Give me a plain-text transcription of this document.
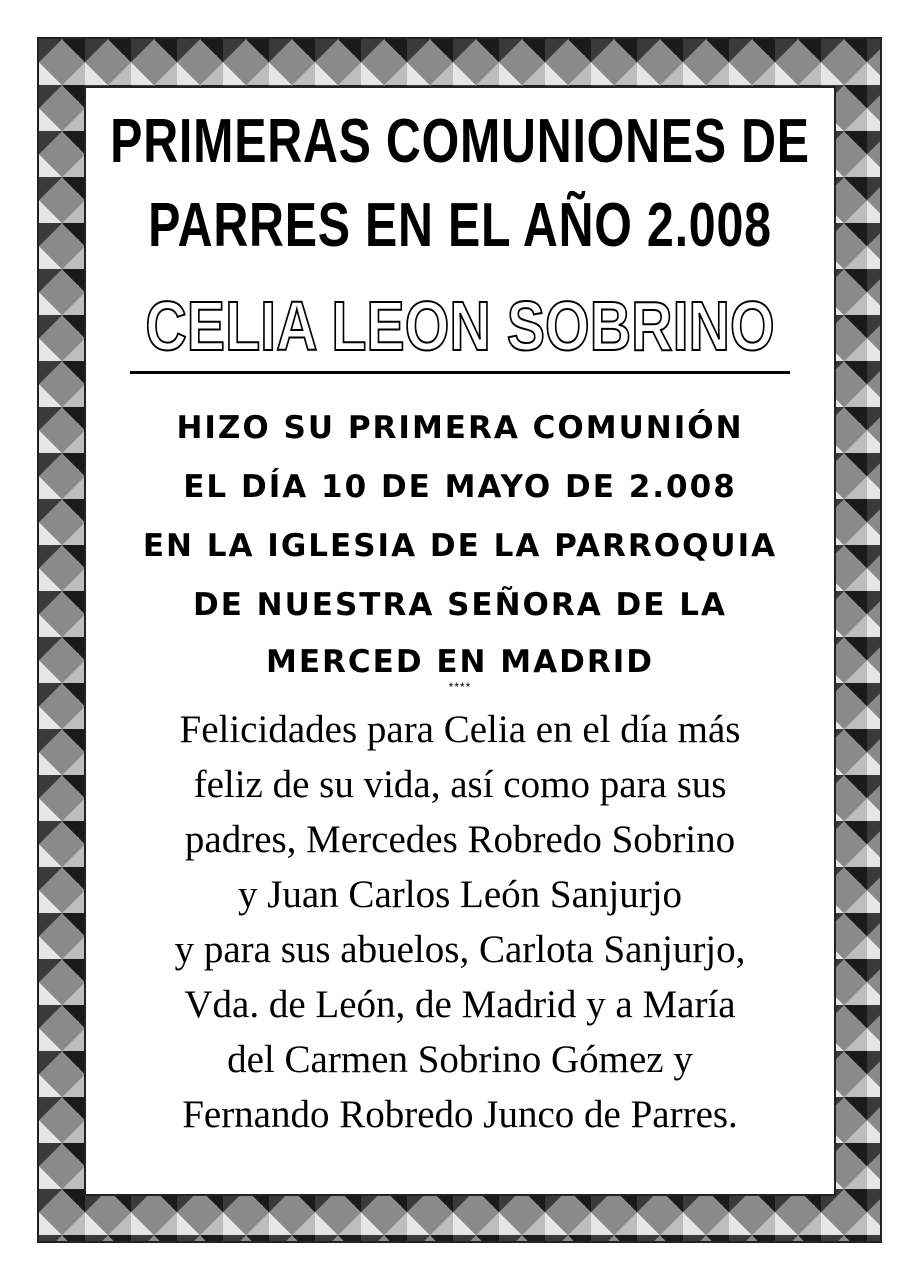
PRIMERAS COMUNIONES DE
PARRES EN EL AÑO 2.008
CELIA LEON SOBRINO
HIZO SU PRIMERA COMUNIÓN
EL DÍA 10 DE MAYO DE 2.008
EN LA IGLESIA DE LA PARROQUIA
DE NUESTRA SEÑORA DE LA
MERCED EN MADRID
****
Felicidades para Celia en el día más
feliz de su vida, así como para sus
padres, Mercedes Robredo Sobrino
y Juan Carlos León Sanjurjo
y para sus abuelos, Carlota Sanjurjo,
Vda. de León, de Madrid y a María
del Carmen Sobrino Gómez y
Fernando Robredo Junco de Parres.
